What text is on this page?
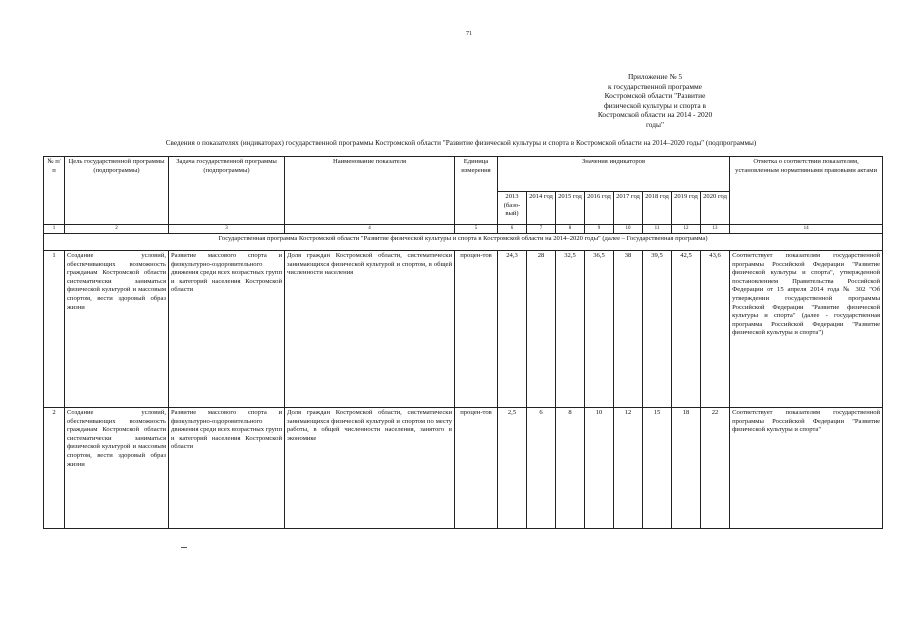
71
Приложение № 5
к государственной программе
Костромской области "Развитие
физической культуры и спорта в
Костромской области на 2014 - 2020
годы"
Сведения о показателях (индикаторах) государственной программы Костромской области "Развитие физической культуры и спорта в Костромской области на 2014–2020 годы" (подпрограммы)
№ п/п	Цель государственной программы (подпрограммы)	Задача государственной программы (подпрограммы)	Наименование показателя	Единица измерения	Значения индикаторов								Отметка о соответствии показателям, установленным нормативными правовыми актами
					2013 (базо-вый)	2014 год	2015 год	2016 год	2017 год	2018 год	2019 год	2020 год	
1	2	3	4	5	6	7	8	9	10	11	12	13	14
Государственная программа Костромской области "Развитие физической культуры и спорта в Костромской области на 2014–2020 годы" (далее – Государственная программа)													
1	Создание условий, обеспечивающих возможность гражданам Костромской области систематически заниматься физической культурой и массовым спортом, вести здоровый образ жизни	Развитие массового спорта и физкультурно-оздоровительного движения среди всех возрастных групп и категорий населения Костромской области	Доля граждан Костромской области, систематически занимающихся физической культурой и спортом, в общей численности населения	процен-тов	24,3	28	32,5	36,5	38	39,5	42,5	43,6	Соответствует показателям государственной программы Российской Федерации "Развитие физической культуры и спорта", утвержденной постановлением Правительства Российской Федерации от 15 апреля 2014 года № 302 "Об утверждении государственной программы Российской Федерации "Развитие физической культуры и спорта" (далее - государственная программа Российской Федерации "Развитие физической культуры и спорта")
2	Создание условий, обеспечивающих возможность гражданам Костромской области систематически заниматься физической культурой и массовым спортом, вести здоровый образ жизни	Развитие массового спорта и физкультурно-оздоровительного движения среди всех возрастных групп и категорий населения Костромской области	Доля граждан Костромской области, систематически занимающихся физической культурой и спортом по месту работы, в общей численности населения, занятого в экономике	процен-тов	2,5	6	8	10	12	15	18	22	Соответствует показателям государственной программы Российской Федерации "Развитие физической культуры и спорта"
